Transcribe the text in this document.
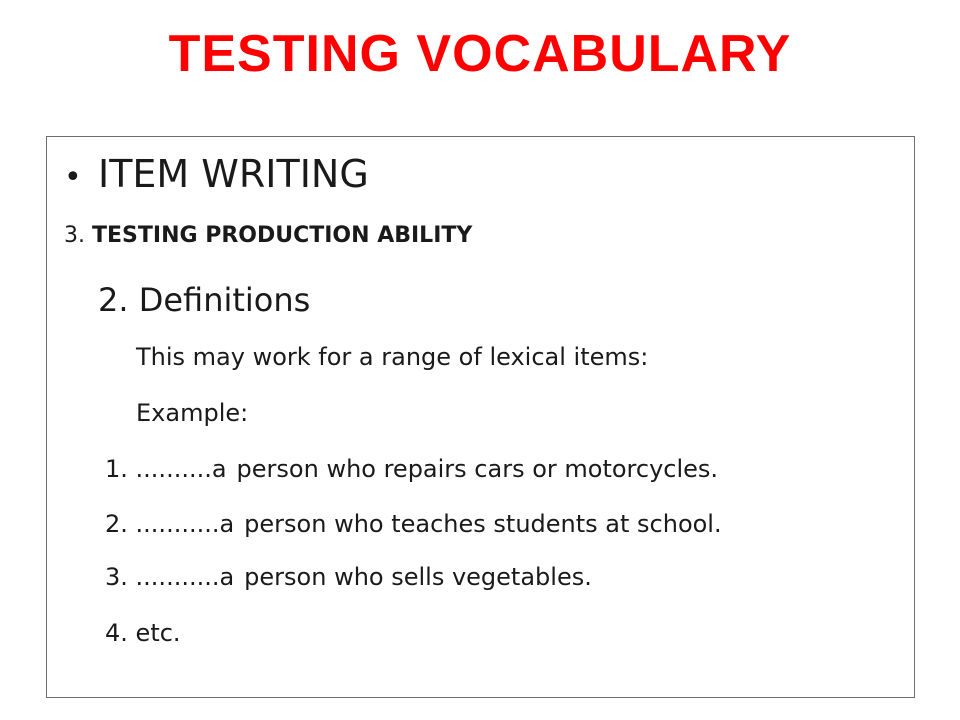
TESTING VOCABULARY
• ITEM WRITING
3. TESTING PRODUCTION ABILITY
2. Definitions
This may work for a range of lexical items:
Example:
1. ..........a person who repairs cars or motorcycles.
2. ...........a person who teaches students at school.
3. ...........a person who sells vegetables.
4. etc.
